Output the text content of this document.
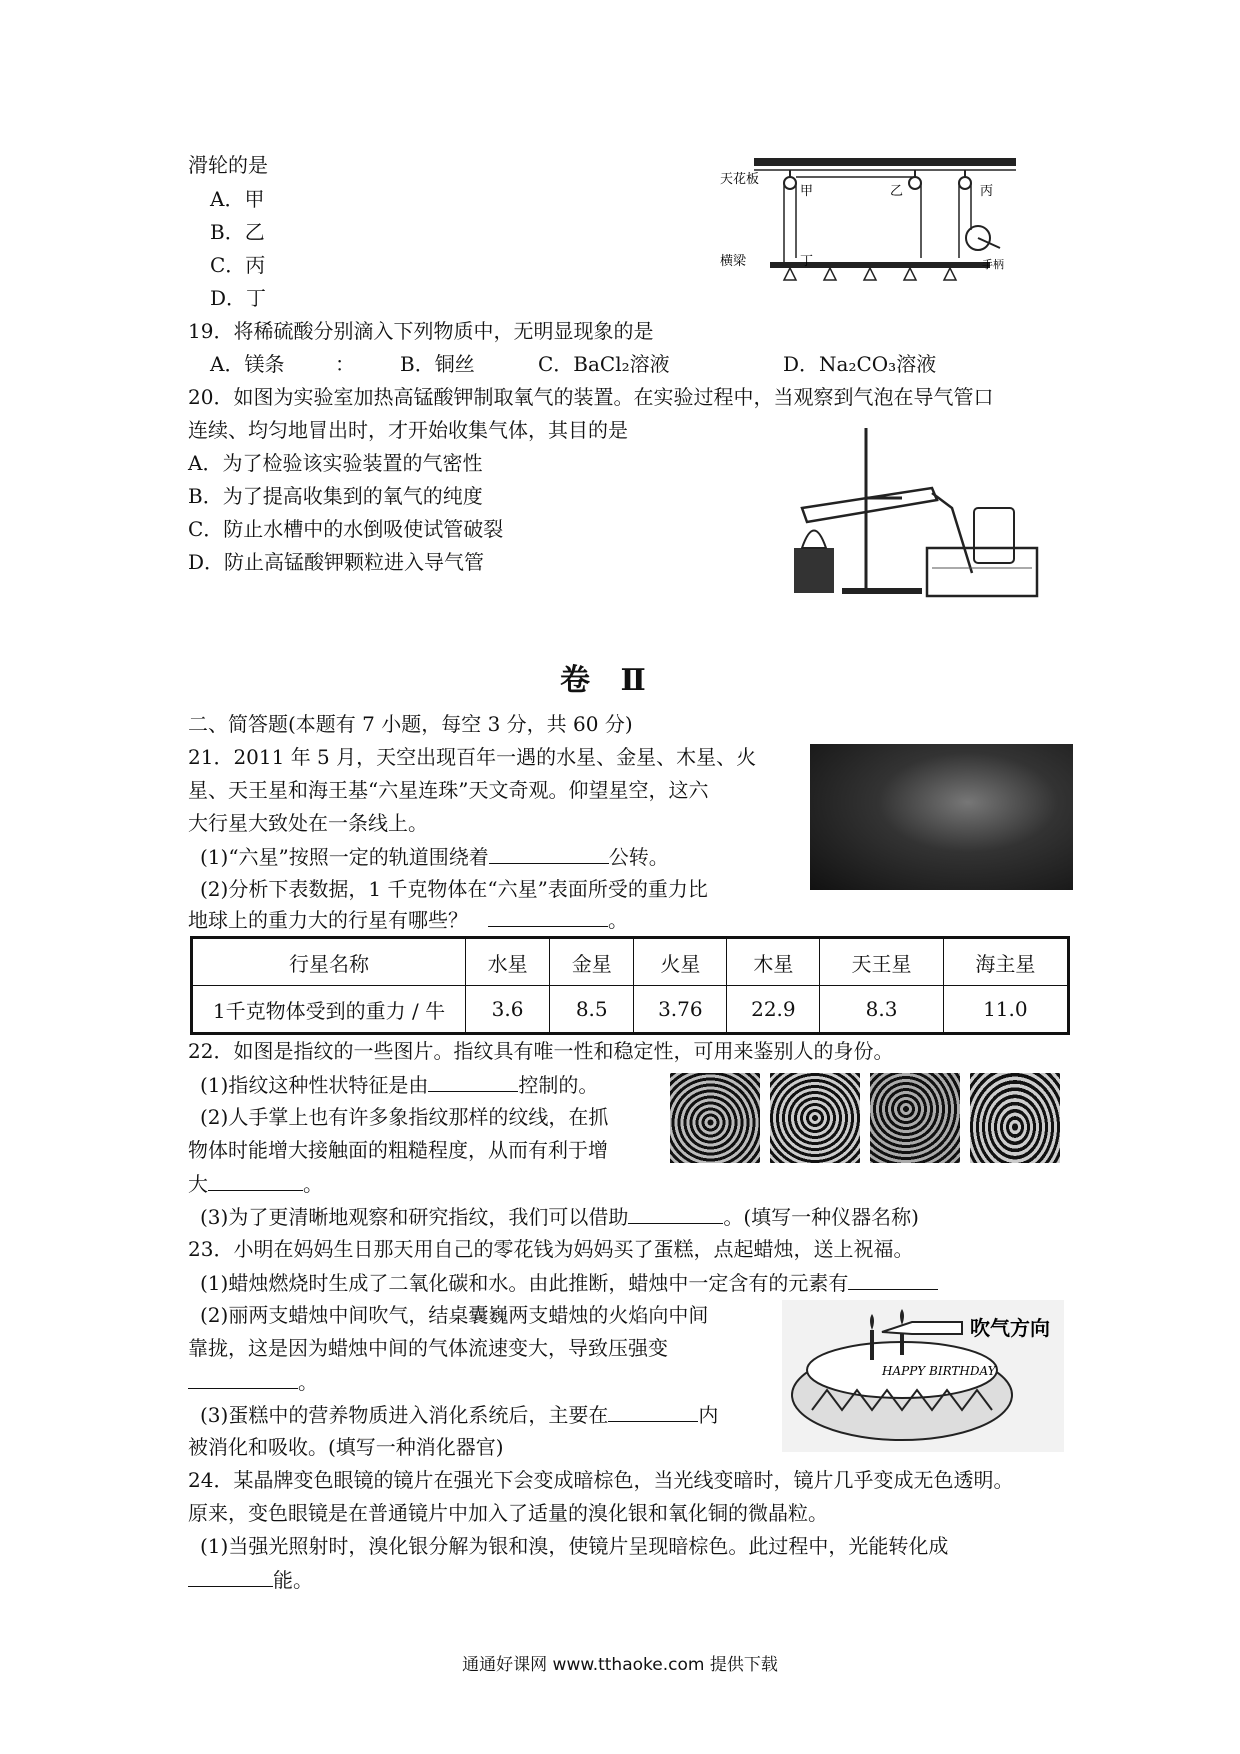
滑轮的是
A．甲
B．乙
C．丙
D．丁
天花板
甲	乙	丙
横梁	丁	手柄
19．将稀硫酸分别滴入下列物质中，无明显现象的是
A．镁条	： B．铜丝	C．BaCl₂溶液	D．Na₂CO₃溶液
20．如图为实验室加热高锰酸钾制取氧气的装置。在实验过程中，当观察到气泡在导气管口
连续、均匀地冒出时，才开始收集气体，其目的是
A．为了检验该实验装置的气密性
B．为了提高收集到的氧气的纯度
C．防止水槽中的水倒吸使试管破裂
D．防止高锰酸钾颗粒进入导气管
卷 Ⅱ
二、简答题(本题有 7 小题，每空 3 分，共 60 分)
21．2011 年 5 月，天空出现百年一遇的水星、金星、木星、火
星、天王星和海王基“六星连珠”天文奇观。仰望星空，这六
大行星大致处在一条线上。
(1)“六星”按照一定的轨道围绕着	公转。
(2)分析下表数据，1 千克物体在“六星”表面所受的重力比
地球上的重力大的行星有哪些？	。
行星名称	水星	金星	火星	木星	天王星	海主星
1千克物体受到的重力 / 牛	3.6	8.5	3.76	22.9	8.3	11.0
22．如图是指纹的一些图片。指纹具有唯一性和稳定性，可用来鉴别人的身份。
(1)指纹这种性状特征是由	控制的。
(2)人手掌上也有许多象指纹那样的纹线，在抓
物体时能增大接触面的粗糙程度，从而有利于增
大	。
(3)为了更清晰地观察和研究指纹，我们可以借助	。(填写一种仪器名称)
23．小明在妈妈生日那天用自己的零花钱为妈妈买了蛋糕，点起蜡烛，送上祝福。
(1)蜡烛燃烧时生成了二氧化碳和水。由此推断，蜡烛中一定含有的元素有
(2)丽两支蜡烛中间吹气，结桌囊巍两支蜡烛的火焰向中间
靠拢，这是因为蜡烛中间的气体流速变大，导致压强变
。
(3)蛋糕中的营养物质进入消化系统后，主要在	内
被消化和吸收。(填写一种消化器官)
HAPPY BIRTHDAY
吹气方向
24．某晶牌变色眼镜的镜片在强光下会变成暗棕色，当光线变暗时，镜片几乎变成无色透明。
原来，变色眼镜是在普通镜片中加入了适量的溴化银和氧化铜的微晶粒。
(1)当强光照射时，溴化银分解为银和溴，使镜片呈现暗棕色。此过程中，光能转化成
能。
通通好课网 www.tthaoke.com 提供下载
